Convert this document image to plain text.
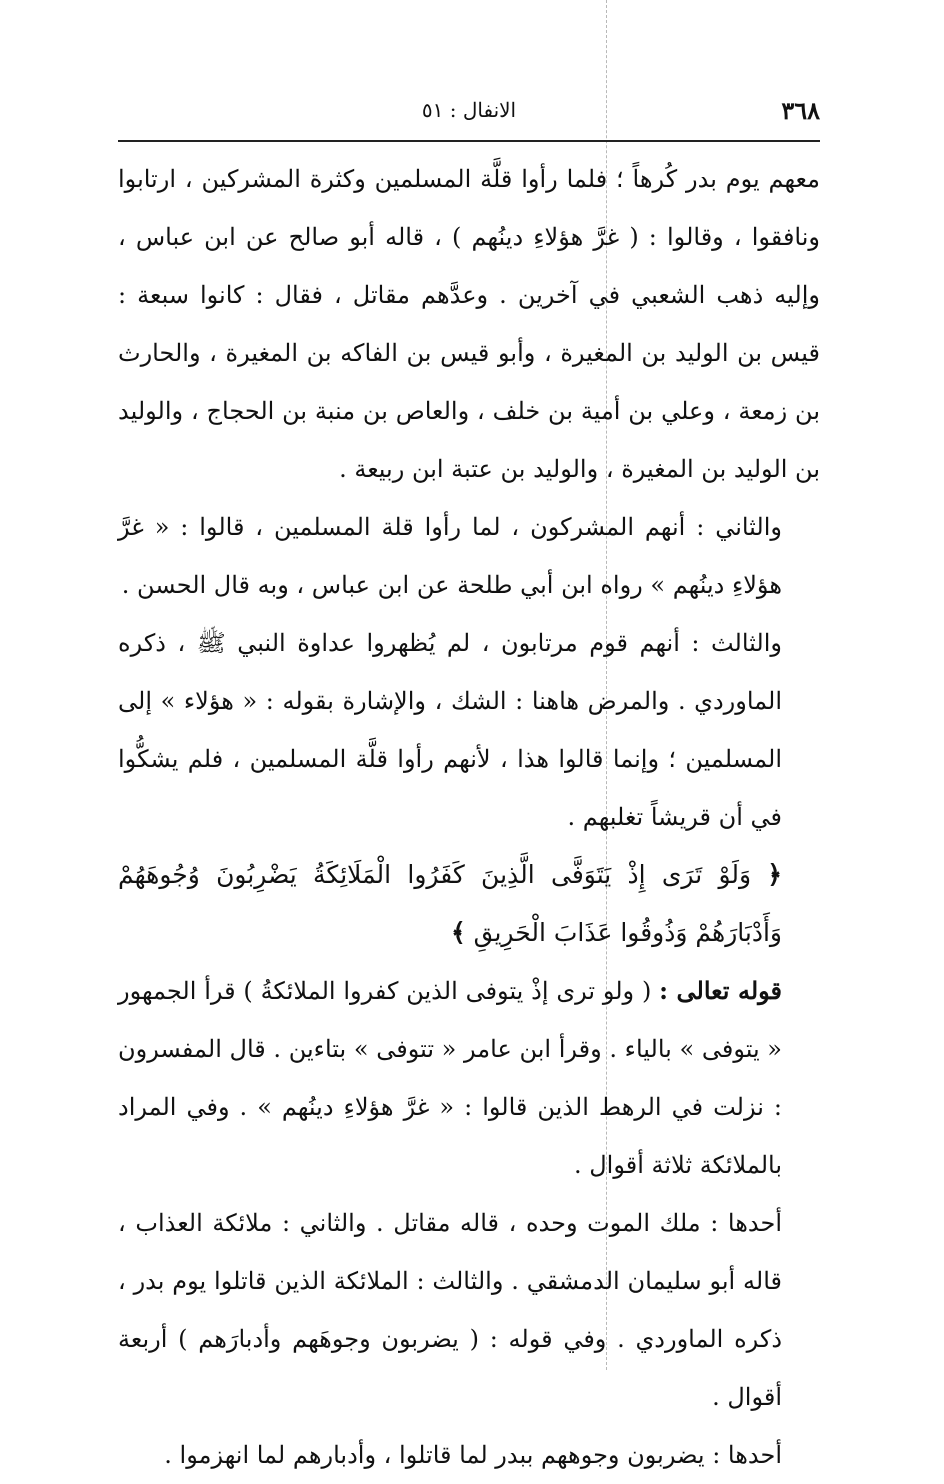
٣٦٨
الانفال : ٥١

معهم يوم بدر كُرهاً ؛ فلما رأوا قلَّة المسلمين وكثرة المشركين ، ارتابوا ونافقوا ، وقالوا : ( غرَّ هؤلاءِ دينُهم ) ، قاله أبو صالح عن ابن عباس ، وإليه ذهب الشعبي في آخرين . وعدَّهم مقاتل ، فقال : كانوا سبعة : قيس بن الوليد بن المغيرة ، وأبو قيس بن الفاكه بن المغيرة ، والحارث بن زمعة ، وعلي بن أمية بن خلف ، والعاص بن منبة بن الحجاج ، والوليد بن الوليد بن المغيرة ، والوليد بن عتبة ابن ربيعة .

والثاني : أنهم المشركون ، لما رأوا قلة المسلمين ، قالوا : « غرَّ هؤلاءِ دينُهم » رواه ابن أبي طلحة عن ابن عباس ، وبه قال الحسن .

والثالث : أنهم قوم مرتابون ، لم يُظهروا عداوة النبي ﷺ ، ذكره الماوردي . والمرض هاهنا : الشك ، والإشارة بقوله : « هؤلاء » إلى المسلمين ؛ وإنما قالوا هذا ، لأنهم رأوا قلَّة المسلمين ، فلم يشكُّوا في أن قريشاً تغلبهم .

﴿ وَلَوْ تَرَى إِذْ يَتَوَفَّى الَّذِينَ كَفَرُوا الْمَلَائِكَةُ يَضْرِبُونَ وُجُوهَهُمْ وَأَدْبَارَهُمْ وَذُوقُوا عَذَابَ الْحَرِيقِ ﴾

قوله تعالى : ( ولو ترى إذْ يتوفى الذين كفروا الملائكةُ ) قرأ الجمهور « يتوفى » بالياء . وقرأ ابن عامر « تتوفى » بتاءين . قال المفسرون : نزلت في الرهط الذين قالوا : « غرَّ هؤلاءِ دينُهم » . وفي المراد بالملائكة ثلاثة أقوال .

أحدها : ملك الموت وحده ، قاله مقاتل . والثاني : ملائكة العذاب ، قاله أبو سليمان الدمشقي . والثالث : الملائكة الذين قاتلوا يوم بدر ، ذكره الماوردي . وفي قوله : ( يضربون وجوهَهم وأدبارَهم ) أربعة أقوال .

أحدها : يضربون وجوههم ببدر لما قاتلوا ، وأدبارهم لما انهزموا .
